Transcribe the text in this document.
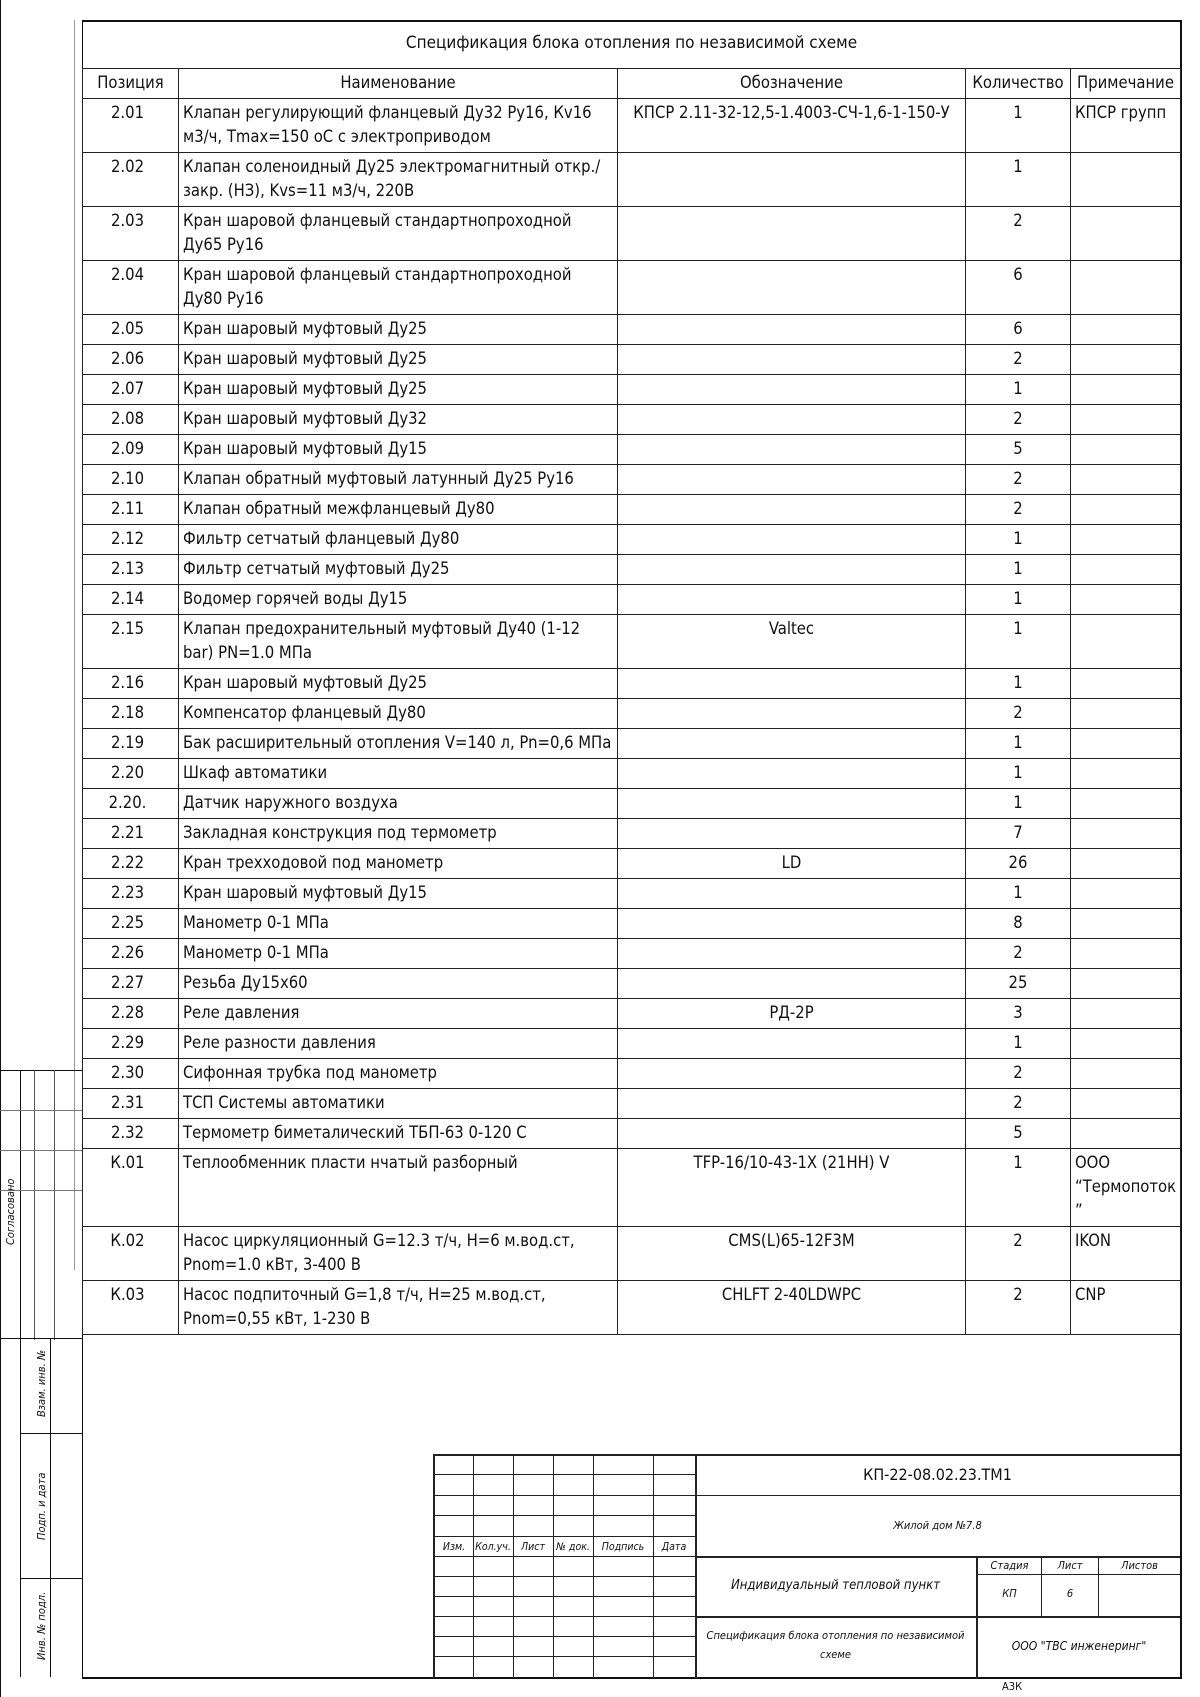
Спецификация блока отопления по независимой схеме				
Позиция	Наименование	Обозначение	Количество	Примечание
2.01	Клапан регулирующий фланцевый Ду32 Ру16, Кv16 м3/ч, Tmax=150 оС с электроприводом	КПСР 2.11-32-12,5-1.4003-СЧ-1,6-1-150-У	1	КПСР групп
2.02	Клапан соленоидный Ду25 электромагнитный откр./закр. (НЗ), Kvs=11 м3/ч, 220В		1	
2.03	Кран шаровой фланцевый стандартнопроходной Ду65 Ру16		2	
2.04	Кран шаровой фланцевый стандартнопроходной Ду80 Ру16		6	
2.05	Кран шаровый муфтовый Ду25		6	
2.06	Кран шаровый муфтовый Ду25		2	
2.07	Кран шаровый муфтовый Ду25		1	
2.08	Кран шаровый муфтовый Ду32		2	
2.09	Кран шаровый муфтовый Ду15		5	
2.10	Клапан обратный муфтовый латунный Ду25 Ру16		2	
2.11	Клапан обратный межфланцевый Ду80		2	
2.12	Фильтр сетчатый фланцевый Ду80		1	
2.13	Фильтр сетчатый муфтовый Ду25		1	
2.14	Водомер горячей воды Ду15		1	
2.15	Клапан предохранительный муфтовый Ду40 (1-12 bar) PN=1.0 МПа	Valtec	1	
2.16	Кран шаровый муфтовый Ду25		1	
2.18	Компенсатор фланцевый Ду80		2	
2.19	Бак расширительный отопления V=140 л, Pn=0,6 МПа		1	
2.20	Шкаф автоматики		1	
2.20.	Датчик наружного воздуха		1	
2.21	Закладная конструкция под термометр		7	
2.22	Кран трехходовой под манометр	LD	26	
2.23	Кран шаровый муфтовый Ду15		1	
2.25	Манометр 0-1 МПа		8	
2.26	Манометр 0-1 МПа		2	
2.27	Резьба Ду15х60		25	
2.28	Реле давления	РД-2Р	3	
2.29	Реле разности давления		1	
2.30	Сифонная трубка под манометр		2	
2.31	ТСП Системы автоматики		2	
2.32	Термометр биметалический ТБП-63 0-120 С		5	
К.01	Теплообменник пласти нчатый разборный	TFP-16/10-43-1X (21НН) V	1	ООО “Термопоток ”
К.02	Насос циркуляционный G=12.3 т/ч, Н=6 м.вод.ст, Рnom=1.0 кВт, 3-400 В	CMS(L)65-12F3M	2	IKON
К.03	Насос подпиточный G=1,8 т/ч, Н=25 м.вод.ст, Рnom=0,55 кВт, 1-230 В	CHLFT 2-40LDWPC	2	CNP
Согласовано
Взам. инв. №
Подп. и дата
Инв. № подл.
КП-22-08.02.23.ТМ1
Жилой дом №7.8
Изм. Кол.уч. Лист	№ док.	Подпись	Дата
Индивидуальный тепловой пункт
Стадия	Лист	Листов
КП	6
Спецификация блока отопления по независимой
схеме
ООО "ТВС инженеринг"
А3К
